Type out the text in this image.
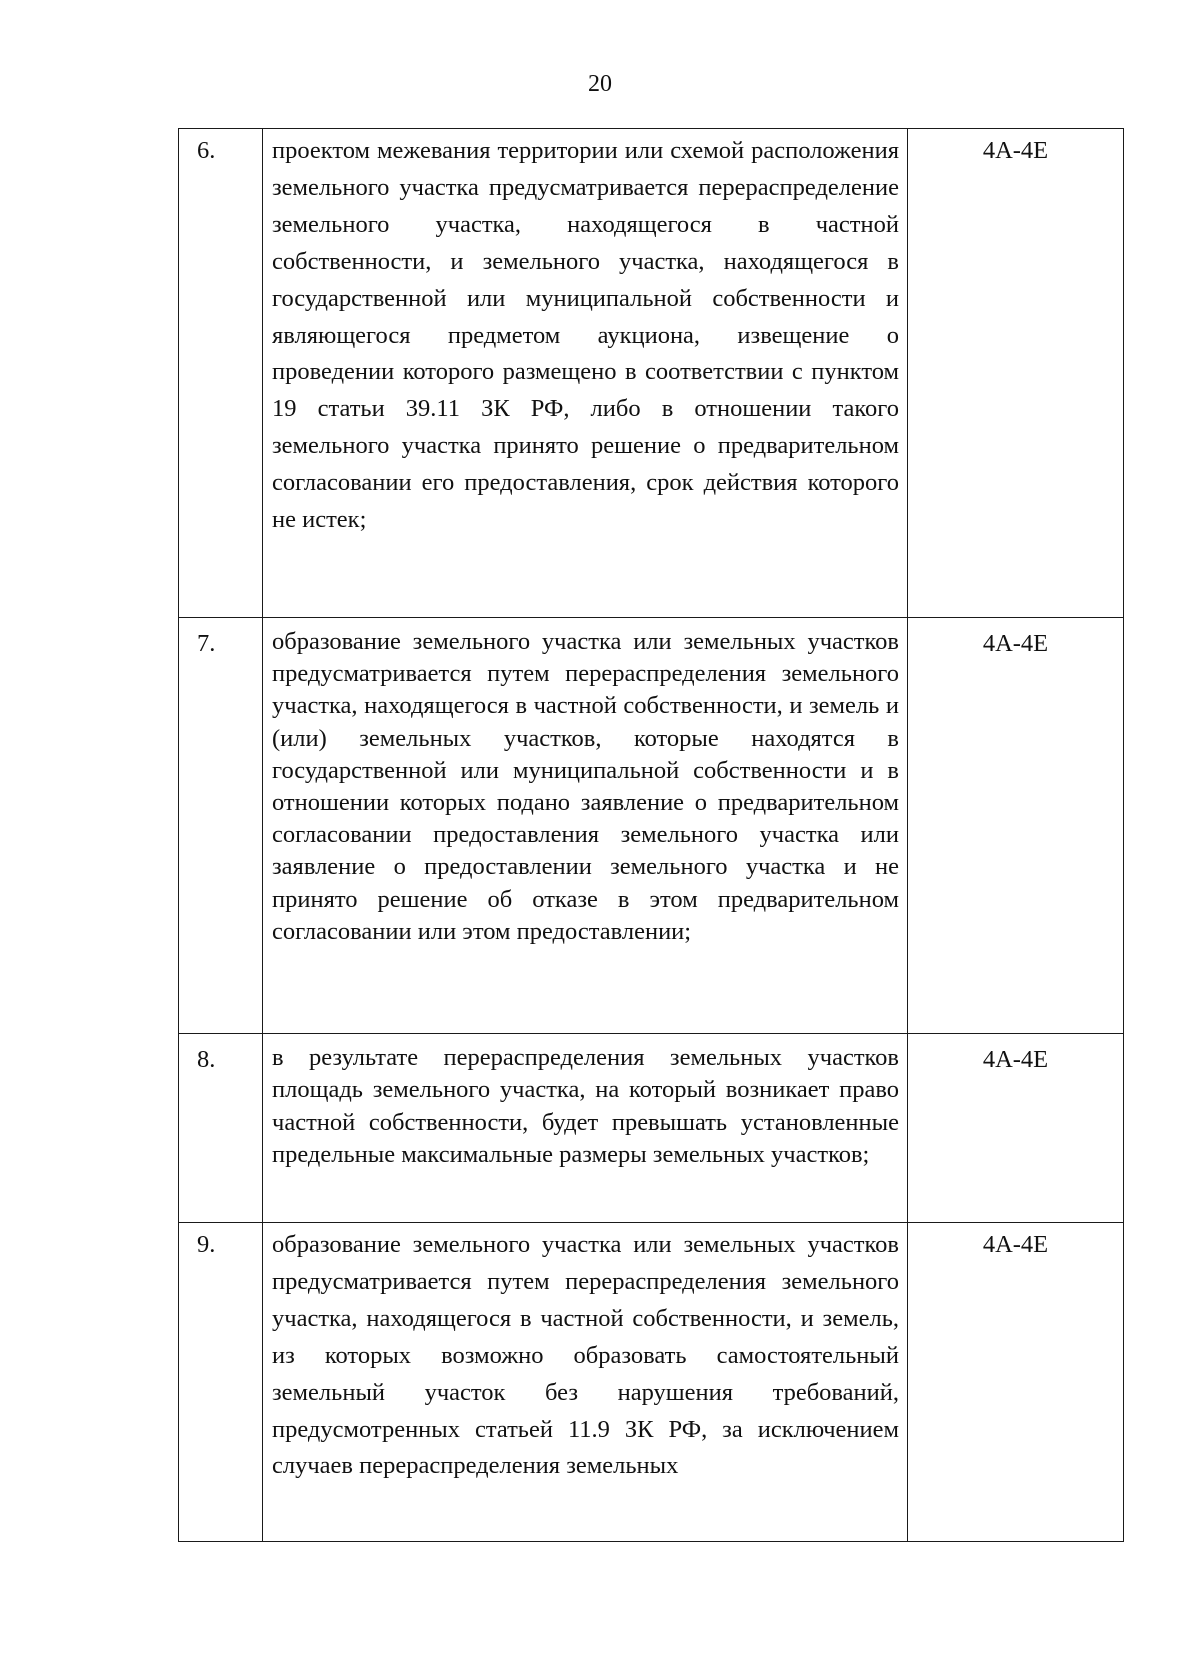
20
6.	проектом межевания территории или схемой расположения земельного участка предусматривается перераспределение земельного участка, находящегося в частной собственности, и земельного участка, находящегося в государственной или муниципальной собственности и являющегося предметом аукциона, извещение о проведении которого размещено в соответствии с пунктом 19 статьи 39.11 ЗК РФ, либо в отношении такого земельного участка принято решение о предварительном согласовании его предоставления, срок действия которого не истек;	4А-4Е
7.	образование земельного участка или земельных участков предусматривается путем перераспределения земельного участка, находящегося в частной собственности, и земель и (или) земельных участков, которые находятся в государственной или муниципальной собственности и в отношении которых подано заявление о предварительном согласовании предоставления земельного участка или заявление о предоставлении земельного участка и не принято решение об отказе в этом предварительном согласовании или этом предоставлении;	4А-4Е
8.	в результате перераспределения земельных участков площадь земельного участка, на который возникает право частной собственности, будет превышать установленные предельные максимальные размеры земельных участков;	4А-4Е
9.	образование земельного участка или земельных участков предусматривается путем перераспределения земельного участка, находящегося в частной собственности, и земель, из которых возможно образовать самостоятельный земельный участок без нарушения требований, предусмотренных статьей 11.9 ЗК РФ, за исключением случаев перераспределения земельных	4А-4Е
